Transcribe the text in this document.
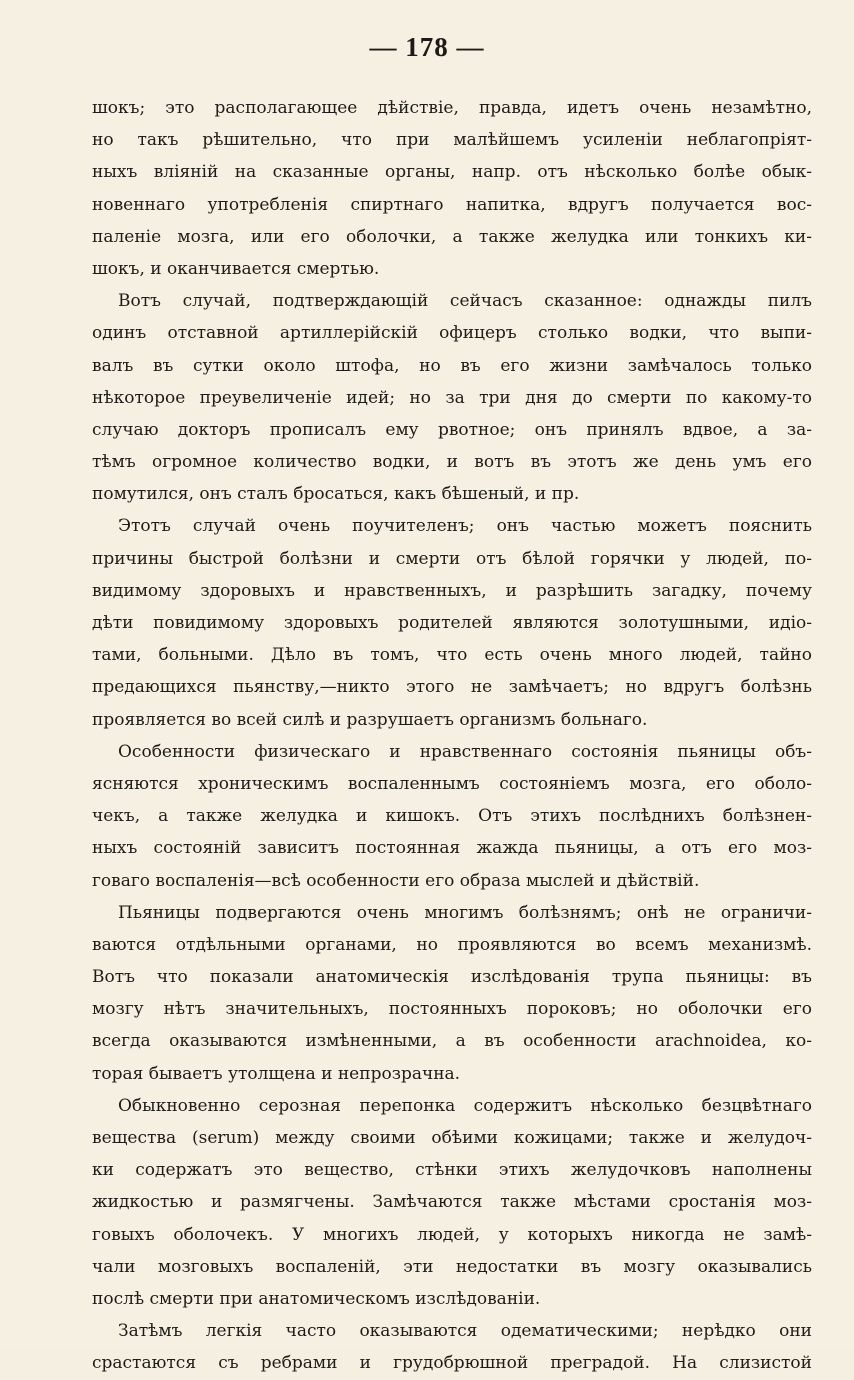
— 178 —
шокъ; это располагающее дѣйствіе, правда, идетъ очень незамѣтно,
но такъ рѣшительно, что при малѣйшемъ усиленіи неблагопріят-
ныхъ вліяній на сказанные органы, напр. отъ нѣсколько болѣе обык-
новеннаго употребленія спиртнаго напитка, вдругъ получается вос-
паленіе мозга, или его оболочки, а также желудка или тонкихъ ки-
шокъ, и оканчивается смертью.
Вотъ случай, подтверждающій сейчасъ сказанное: однажды пилъ
одинъ отставной артиллерійскій офицеръ столько водки, что выпи-
валъ въ сутки около штофа, но въ его жизни замѣчалось только
нѣкоторое преувеличеніе идей; но за три дня до смерти по какому-то
случаю докторъ прописалъ ему рвотное; онъ принялъ вдвое, а за-
тѣмъ огромное количество водки, и вотъ въ этотъ же день умъ его
помутился, онъ сталъ бросаться, какъ бѣшеный, и пр.
Этотъ случай очень поучителенъ; онъ частью можетъ пояснить
причины быстрой болѣзни и смерти отъ бѣлой горячки у людей, по-
видимому здоровыхъ и нравственныхъ, и разрѣшить загадку, почему
дѣти повидимому здоровыхъ родителей являются золотушными, идіо-
тами, больными. Дѣло въ томъ, что есть очень много людей, тайно
предающихся пьянству,—никто этого не замѣчаетъ; но вдругъ болѣзнь
проявляется во всей силѣ и разрушаетъ организмъ больнаго.
Особенности физическаго и нравственнаго состоянія пьяницы объ-
ясняются хроническимъ воспаленнымъ состояніемъ мозга, его оболо-
чекъ, а также желудка и кишокъ. Отъ этихъ послѣднихъ болѣзнен-
ныхъ состояній зависитъ постоянная жажда пьяницы, а отъ его моз-
говаго воспаленія—всѣ особенности его образа мыслей и дѣйствій.
Пьяницы подвергаются очень многимъ болѣзнямъ; онѣ не ограничи-
ваются отдѣльными органами, но проявляются во всемъ механизмѣ.
Вотъ что показали анатомическія изслѣдованія трупа пьяницы: въ
мозгу нѣтъ значительныхъ, постоянныхъ пороковъ; но оболочки его
всегда оказываются измѣненными, а въ особенности arachnoidea, ко-
торая бываетъ утолщена и непрозрачна.
Обыкновенно серозная перепонка содержитъ нѣсколько безцвѣтнаго
вещества (serum) между своими обѣими кожицами; также и желудоч-
ки содержатъ это вещество, стѣнки этихъ желудочковъ наполнены
жидкостью и размягчены. Замѣчаются также мѣстами сростанія моз-
говыхъ оболочекъ. У многихъ людей, у которыхъ никогда не замѣ-
чали мозговыхъ воспаленій, эти недостатки въ мозгу оказывались
послѣ смерти при анатомическомъ изслѣдованіи.
Затѣмъ легкія часто оказываются одематическими; нерѣдко они
срастаются съ ребрами и грудобрюшной преградой. На слизистой
